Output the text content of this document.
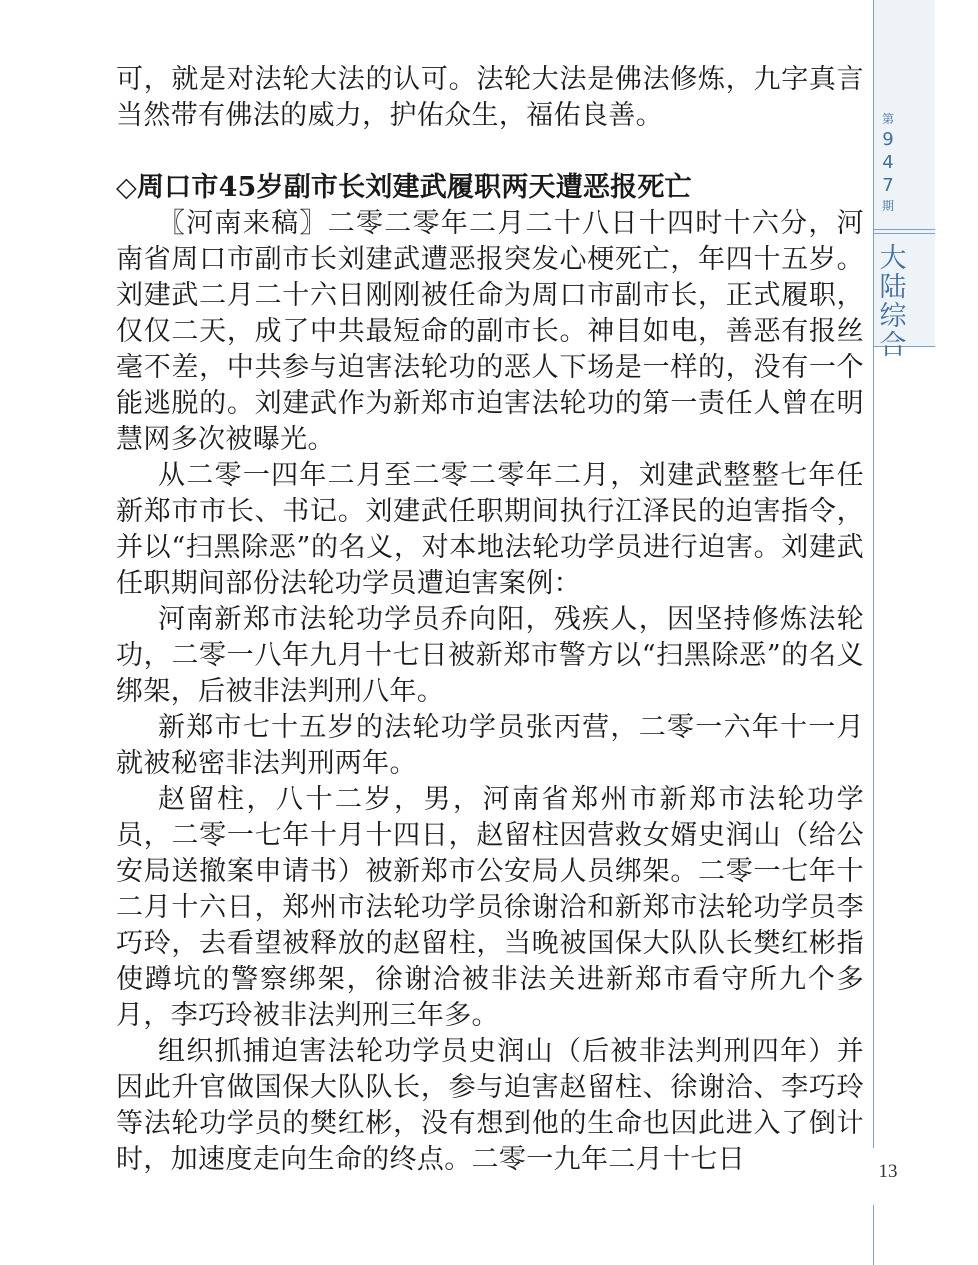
第
9
4
7
期
大
陆
综
合
13

可，就是对法轮大法的认可。法轮大法是佛法修炼，九字真言当然带有佛法的威力，护佑众生，福佑良善。

◇周口市45岁副市长刘建武履职两天遭恶报死亡

〖河南来稿〗二零二零年二月二十八日十四时十六分，河南省周口市副市长刘建武遭恶报突发心梗死亡，年四十五岁。刘建武二月二十六日刚刚被任命为周口市副市长，正式履职，仅仅二天，成了中共最短命的副市长。神目如电，善恶有报丝毫不差，中共参与迫害法轮功的恶人下场是一样的，没有一个能逃脱的。刘建武作为新郑市迫害法轮功的第一责任人曾在明慧网多次被曝光。

从二零一四年二月至二零二零年二月，刘建武整整七年任新郑市市长、书记。刘建武任职期间执行江泽民的迫害指令，并以“扫黑除恶”的名义，对本地法轮功学员进行迫害。刘建武任职期间部份法轮功学员遭迫害案例：

河南新郑市法轮功学员乔向阳，残疾人，因坚持修炼法轮功，二零一八年九月十七日被新郑市警方以“扫黑除恶”的名义绑架，后被非法判刑八年。

新郑市七十五岁的法轮功学员张丙营，二零一六年十一月就被秘密非法判刑两年。

赵留柱，八十二岁，男，河南省郑州市新郑市法轮功学员，二零一七年十月十四日，赵留柱因营救女婿史润山（给公安局送撤案申请书）被新郑市公安局人员绑架。二零一七年十二月十六日，郑州市法轮功学员徐谢洽和新郑市法轮功学员李巧玲，去看望被释放的赵留柱，当晚被国保大队队长樊红彬指使蹲坑的警察绑架，徐谢洽被非法关进新郑市看守所九个多月，李巧玲被非法判刑三年多。

组织抓捕迫害法轮功学员史润山（后被非法判刑四年）并因此升官做国保大队队长，参与迫害赵留柱、徐谢洽、李巧玲等法轮功学员的樊红彬，没有想到他的生命也因此进入了倒计时，加速度走向生命的终点。二零一九年二月十七日
